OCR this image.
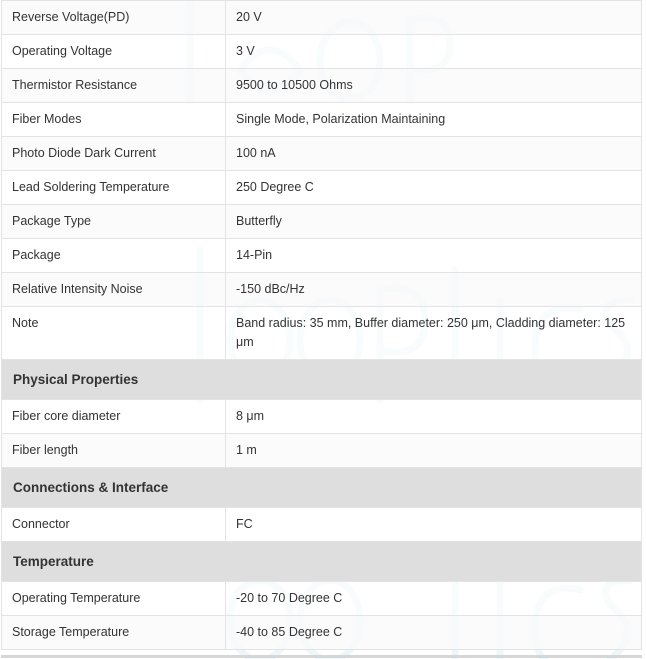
Reverse Voltage(PD)	20 V
Operating Voltage	3 V
Thermistor Resistance	9500 to 10500 Ohms
Fiber Modes	Single Mode, Polarization Maintaining
Photo Diode Dark Current	100 nA
Lead Soldering Temperature	250 Degree C
Package Type	Butterfly
Package	14-Pin
Relative Intensity Noise	-150 dBc/Hz
Note	Band radius: 35 mm, Buffer diameter: 250 μm, Cladding diameter: 125 μm
Physical Properties	
Fiber core diameter	8 μm
Fiber length	1 m
Connections & Interface	
Connector	FC
Temperature	
Operating Temperature	-20 to 70 Degree C
Storage Temperature	-40 to 85 Degree C
